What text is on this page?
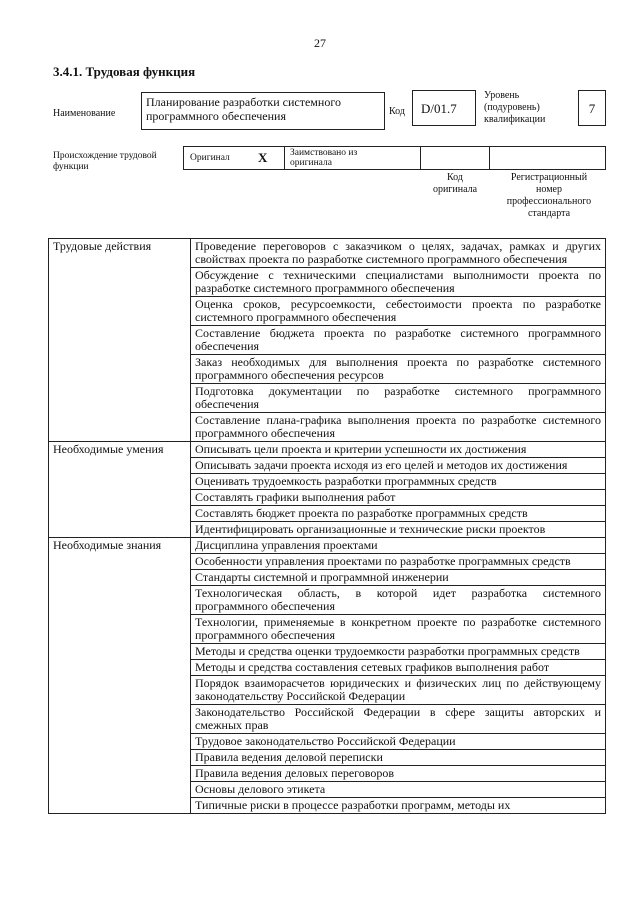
27
3.4.1. Трудовая функция
Наименование
Планирование разработки системного программного обеспечения	Код	D/01.7
Уровень
(подуровень)
квалификации
7
Происхождение трудовой
функции
Оригинал X Заимствовано из
оригинала
Код
оригинала
Регистрационный
номер
профессионального
стандарта
Трудовые действия	Проведение переговоров с заказчиком о целях, задачах, рамках и других свойствах проекта по разработке системного программного обеспечения
	Обсуждение с техническими специалистами выполнимости проекта по разработке системного программного обеспечения
	Оценка сроков, ресурсоемкости, себестоимости проекта по разработке системного программного обеспечения
	Составление бюджета проекта по разработке системного программного обеспечения
	Заказ необходимых для выполнения проекта по разработке системного программного обеспечения ресурсов
	Подготовка документации по разработке системного программного обеспечения
	Составление плана-графика выполнения проекта по разработке системного программного обеспечения
Необходимые умения	Описывать цели проекта и критерии успешности их достижения
	Описывать задачи проекта исходя из его целей и методов их достижения
	Оценивать трудоемкость разработки программных средств
	Составлять графики выполнения работ
	Составлять бюджет проекта по разработке программных средств
	Идентифицировать организационные и технические риски проектов
Необходимые знания	Дисциплина управления проектами
	Особенности управления проектами по разработке программных средств
	Стандарты системной и программной инженерии
	Технологическая область, в которой идет разработка системного программного обеспечения
	Технологии, применяемые в конкретном проекте по разработке системного программного обеспечения
	Методы и средства оценки трудоемкости разработки программных средств
	Методы и средства составления сетевых графиков выполнения работ
	Порядок взаиморасчетов юридических и физических лиц по действующему законодательству Российской Федерации
	Законодательство Российской Федерации в сфере защиты авторских и смежных прав
	Трудовое законодательство Российской Федерации
	Правила ведения деловой переписки
	Правила ведения деловых переговоров
	Основы делового этикета
	Типичные риски в процессе разработки программ, методы их
